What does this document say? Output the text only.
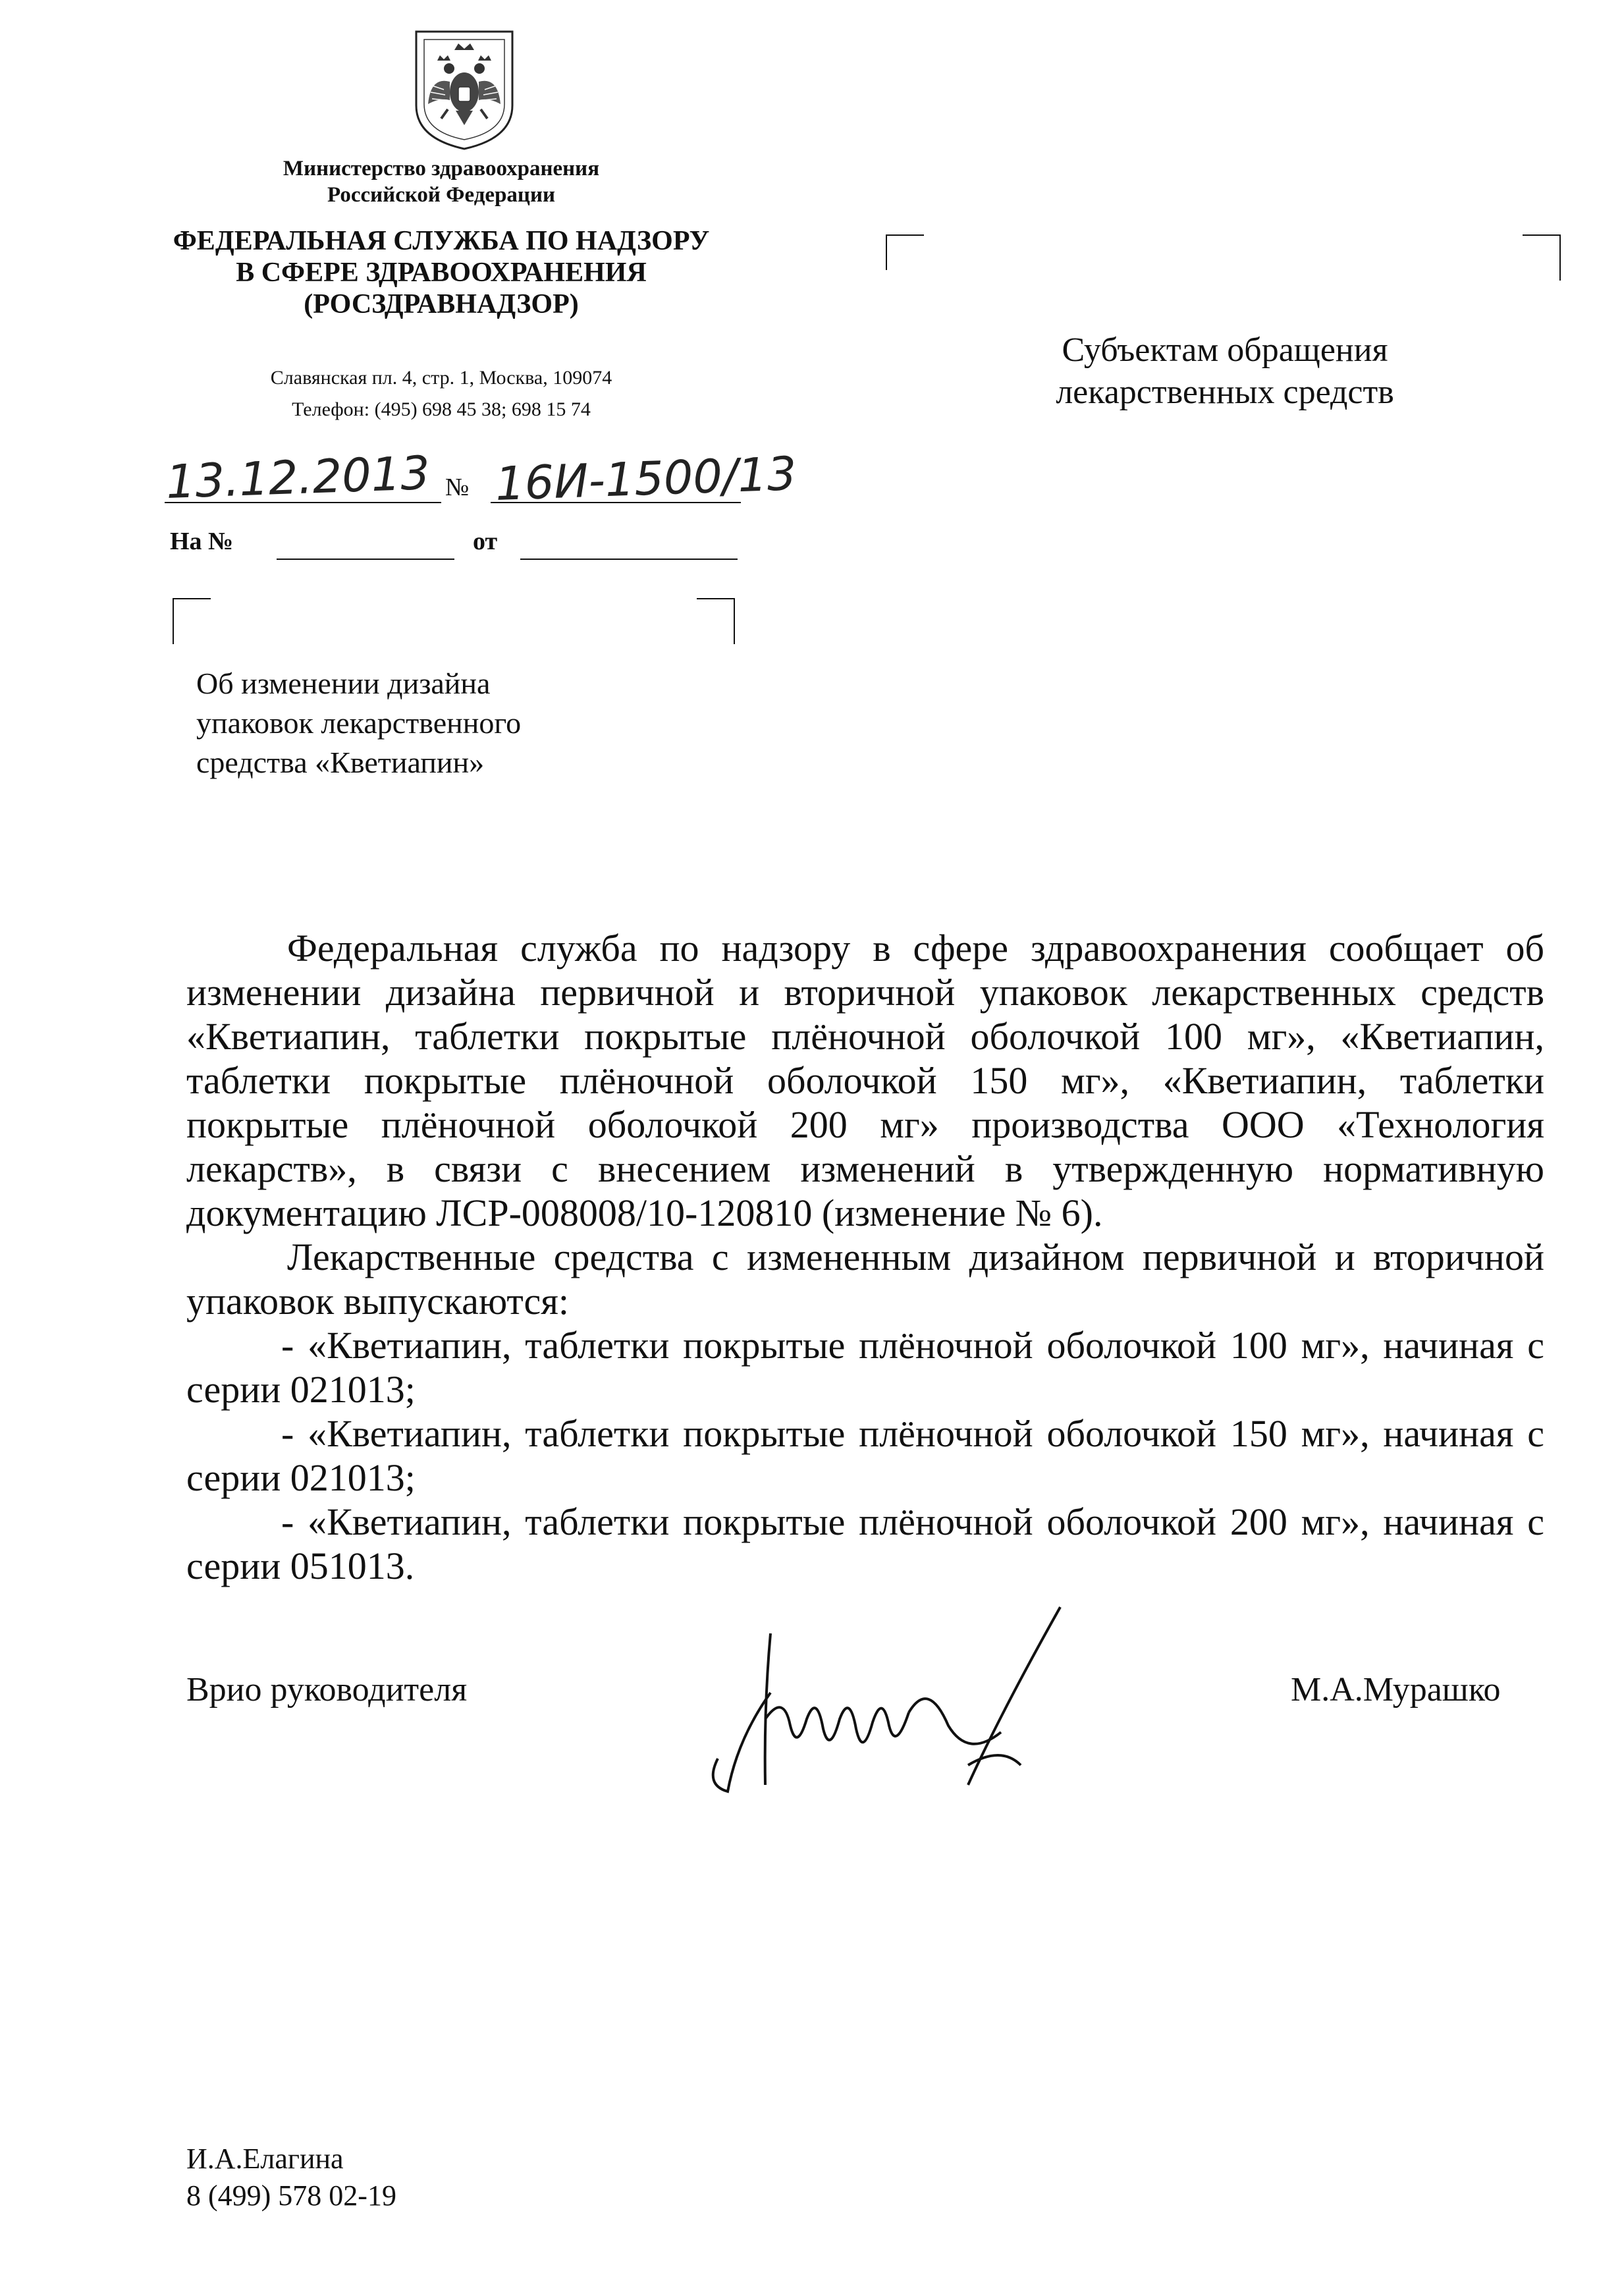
Министерство здравоохранения
Российской Федерации
ФЕДЕРАЛЬНАЯ СЛУЖБА ПО НАДЗОРУ
В СФЕРЕ ЗДРАВООХРАНЕНИЯ
(РОСЗДРАВНАДЗОР)
Славянская пл. 4, стр. 1, Москва, 109074
Телефон: (495) 698 45 38; 698 15 74
13.12.2013 № 16И-1500/13
На №	от
Субъектам обращения
лекарственных средств
Об изменении дизайна
упаковок лекарственного
средства «Кветиапин»

Федеральная служба по надзору в сфере здравоохранения сообщает об изменении дизайна первичной и вторичной упаковок лекарственных средств «Кветиапин, таблетки покрытые плёночной оболочкой 100 мг», «Кветиапин, таблетки покрытые плёночной оболочкой 150 мг», «Кветиапин, таблетки покрытые плёночной оболочкой 200 мг» производства ООО «Технология лекарств», в связи с внесением изменений в утвержденную нормативную документацию ЛСР-008008/10-120810 (изменение № 6).

Лекарственные средства с измененным дизайном первичной и вторичной упаковок выпускаются:

- «Кветиапин, таблетки покрытые плёночной оболочкой 100 мг», начиная с серии 021013;

- «Кветиапин, таблетки покрытые плёночной оболочкой 150 мг», начиная с серии 021013;

- «Кветиапин, таблетки покрытые плёночной оболочкой 200 мг», начиная с серии 051013.

Врио руководителя	М.А.Мурашко
И.А.Елагина
8 (499) 578 02-19
